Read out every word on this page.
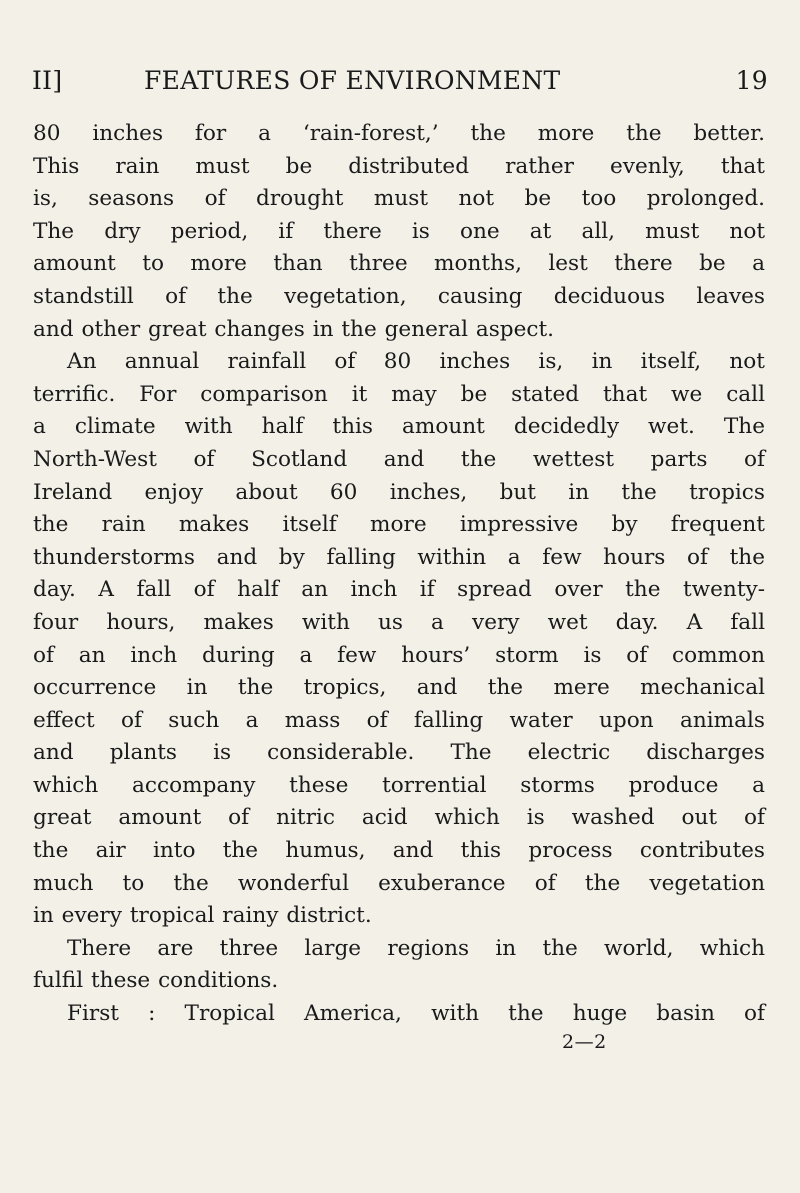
II]	FEATURES OF ENVIRONMENT	19
80 inches for a ‘rain-forest,’ the more the better.
This rain must be distributed rather evenly, that
is, seasons of drought must not be too prolonged.
The dry period, if there is one at all, must not
amount to more than three months, lest there be a
standstill of the vegetation, causing deciduous leaves
and other great changes in the general aspect.
An annual rainfall of 80 inches is, in itself, not
terrific. For comparison it may be stated that we call
a climate with half this amount decidedly wet. The
North-West of Scotland and the wettest parts of
Ireland enjoy about 60 inches, but in the tropics
the rain makes itself more impressive by frequent
thunderstorms and by falling within a few hours of the
day. A fall of half an inch if spread over the twenty-
four hours, makes with us a very wet day. A fall
of an inch during a few hours’ storm is of common
occurrence in the tropics, and the mere mechanical
effect of such a mass of falling water upon animals
and plants is considerable. The electric discharges
which accompany these torrential storms produce a
great amount of nitric acid which is washed out of
the air into the humus, and this process contributes
much to the wonderful exuberance of the vegetation
in every tropical rainy district.
There are three large regions in the world, which
fulfil these conditions.
First : Tropical America, with the huge basin of
2—2
